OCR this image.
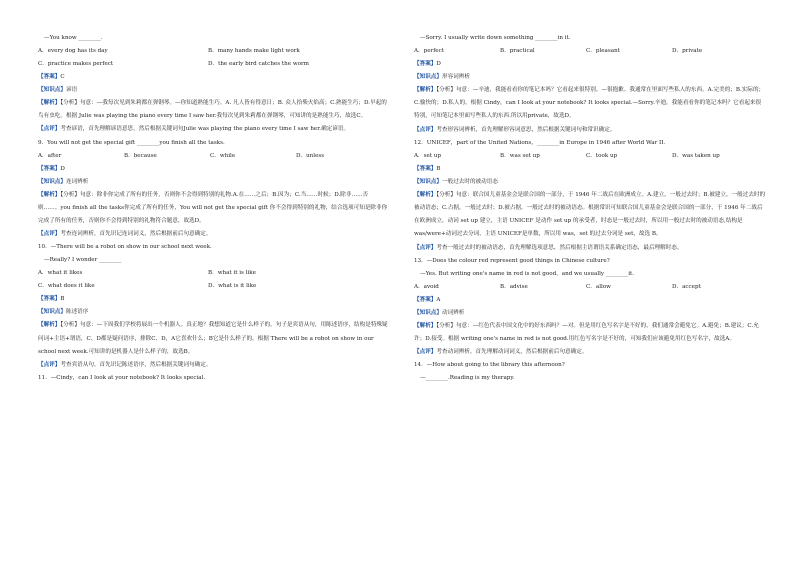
—You know ________.
A．every dog has its day	B．many hands make light work
C．practice makes perfect	D．the early bird catches the worm
【答案】C
【知识点】谚语
【解析】【分析】句意：—我每次见到朱莉都在弹钢琴。—你知道熟能生巧。A. 凡人皆有得意日；B. 众人拾柴火焰高；C.熟能生巧；D.早起的鸟有虫吃。根据 Julie was playing the piano every time I saw her.我每次见到朱莉都在弹钢琴，可知讲的是熟能生巧，故选C。
【点评】考查谚语，首先理解谚语意思，然后根据关键词句Julie was playing the piano every time I saw her.确定谚语。
9．You will not get the special gift ________you finish all the tasks.
A．after	B．because	C．while	D．unless
【答案】D
【知识点】连词辨析
【解析】【分析】句意：除非你完成了所有的任务，否则你不会得到特别的礼物.A.在……之后；B.因为；C.当……时候；D.除非……否则……。you finish all the tasks你完成了所有的任务，You will not get the special gift 你不会得到特别的礼物，结合选项可知是除非你完成了所有的任务，否则你不会得到特别的礼物符合题意，故选D。
【点评】考查连词辨析，首先识记连词词义，然后根据前后句意确定。
10．—There will be a robot on show in our school next week.
—Really? I wonder ________
A．what it likes	B．what it is like
C．what does it like	D．what is it like
【答案】B
【知识点】陈述语序
【解析】【分析】句意：—下周我们学校将展出一个机器人。真正地？我想知道它是什么样子的。句子是宾语从句，用陈述语序，结构是特殊疑问词+主语+谓语，C、D都是疑问语序，排除C、D，A它喜欢什么；B它是什么样子的。根据 There will be a robot on show in our school next week.可知讲的是机器人是什么样子的，故选B。
【点评】考查宾语从句，首先识记陈述语序，然后根据关键词句确定。
11．—Cindy，can I look at your notebook? It looks special.
—Sorry. I usually write down something ________in it.
A．perfect	B．practical	C．pleasant	D．private
【答案】D
【知识点】形容词辨析
【解析】【分析】句意：—辛迪，我能看看你的笔记本吗？它看起来很特别。—很抱歉。我通常在里面写些私人的东西。A.完美的；B.实际的；C.愉快的；D.私人的。根据 Cindy，can I look at your notebook? It looks special.—Sorry.辛迪，我能看看你的笔记本吗？它看起来很特别，可知笔记本里面写些私人的东西.所以用private，故选D。
【点评】考查形容词辨析，首先理解形容词意思，然后根据关键词句和常识确定。
12．UNICEF，part of the United Nations，________in Europe in 1946 after World War II.
A．set up	B．was set up	C．took up	D．was taken up
【答案】B
【知识点】一般过去时的被动语态
【解析】【分析】句意：联合国儿童基金会是联合国的一部分，于 1946 年二战后在欧洲成立。A.建立，一般过去时；B.被建立，一般过去时的被动语态；C.占据，一般过去时；D.被占据，一般过去时的被动语态。根据常识可知联合国儿童基金会是联合国的一部分，于 1946 年二战后在欧洲成立，动词 set up 建立，主语 UNICEF 是动作 set up 的承受者，时态是一般过去时，所以用一般过去时的被动语态,结构是was/were+动词过去分词，主语 UNICEF是单数，所以用 was，set 的过去分词是 set，故选 B。
【点评】考查一般过去时的被动语态，首先理解选项意思，然后根据主语谓语关系确定语态，最后理解时态。
13．—Does the colour red represent good things in Chinese culture?
—Yes. But writing one's name in red is not good，and we usually ________it.
A．avoid	B．advise	C．allow	D．accept
【答案】A
【知识点】动词辨析
【解析】【分析】句意：—红色代表中国文化中的好东西吗？—对。但是用红色写名字是不好的，我们通常会避免它。A.避免；B.建议；C.允许；D.接受。根据 writing one's name in red is not good.用红色写名字是不好的，可知我们应该避免用红色写名字，故选A。
【点评】考查动词辨析，首先理解动词词义，然后根据前后句意确定。
14．—How about going to the library this afternoon?
—________.Reading is my therapy.
